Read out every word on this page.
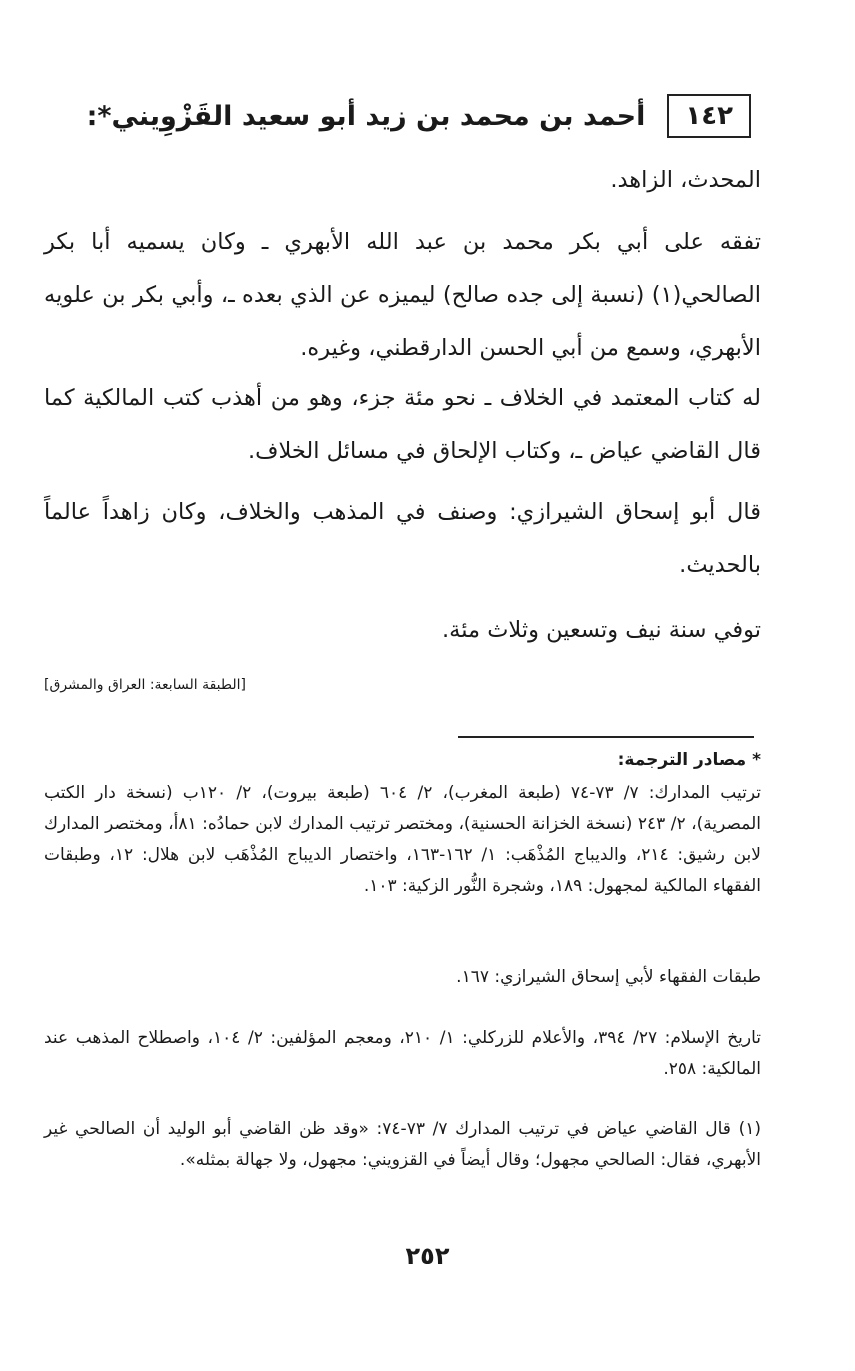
١٤٢
أحمد بن محمد بن زيد أبو سعيد القَزْوِيني*:
المحدث، الزاهد.
تفقه على أبي بكر محمد بن عبد الله الأبهري ـ وكان يسميه أبا بكر الصالحي(١) (نسبة إلى جده صالح) ليميزه عن الذي بعده ـ، وأبي بكر بن علويه الأبهري، وسمع من أبي الحسن الدارقطني، وغيره.
له كتاب المعتمد في الخلاف ـ نحو مئة جزء، وهو من أهذب كتب المالكية كما قال القاضي عياض ـ، وكتاب الإلحاق في مسائل الخلاف.
قال أبو إسحاق الشيرازي: وصنف في المذهب والخلاف، وكان زاهداً عالماً بالحديث.
توفي سنة نيف وتسعين وثلاث مئة.
[الطبقة السابعة: العراق والمشرق]
* مصادر الترجمة:
ترتيب المدارك: ٧/ ٧٣-٧٤ (طبعة المغرب)، ٢/ ٦٠٤ (طبعة بيروت)، ٢/ ١٢٠ب (نسخة دار الكتب المصرية)، ٢/ ٢٤٣ (نسخة الخزانة الحسنية)، ومختصر ترتيب المدارك لابن حمادُه: ٨١أ، ومختصر المدارك لابن رشيق: ٢١٤، والديباج المُذْهَب: ١/ ١٦٢-١٦٣، واختصار الديباج المُذْهَب لابن هلال: ١٢، وطبقات الفقهاء المالكية لمجهول: ١٨٩، وشجرة النُّور الزكية: ١٠٣.
طبقات الفقهاء لأبي إسحاق الشيرازي: ١٦٧.
تاريخ الإسلام: ٢٧/ ٣٩٤، والأعلام للزركلي: ١/ ٢١٠، ومعجم المؤلفين: ٢/ ١٠٤، واصطلاح المذهب عند المالكية: ٢٥٨.
(١) قال القاضي عياض في ترتيب المدارك ٧/ ٧٣-٧٤: «وقد ظن القاضي أبو الوليد أن الصالحي غير الأبهري، فقال: الصالحي مجهول؛ وقال أيضاً في القزويني: مجهول، ولا جهالة بمثله».
٢٥٢
